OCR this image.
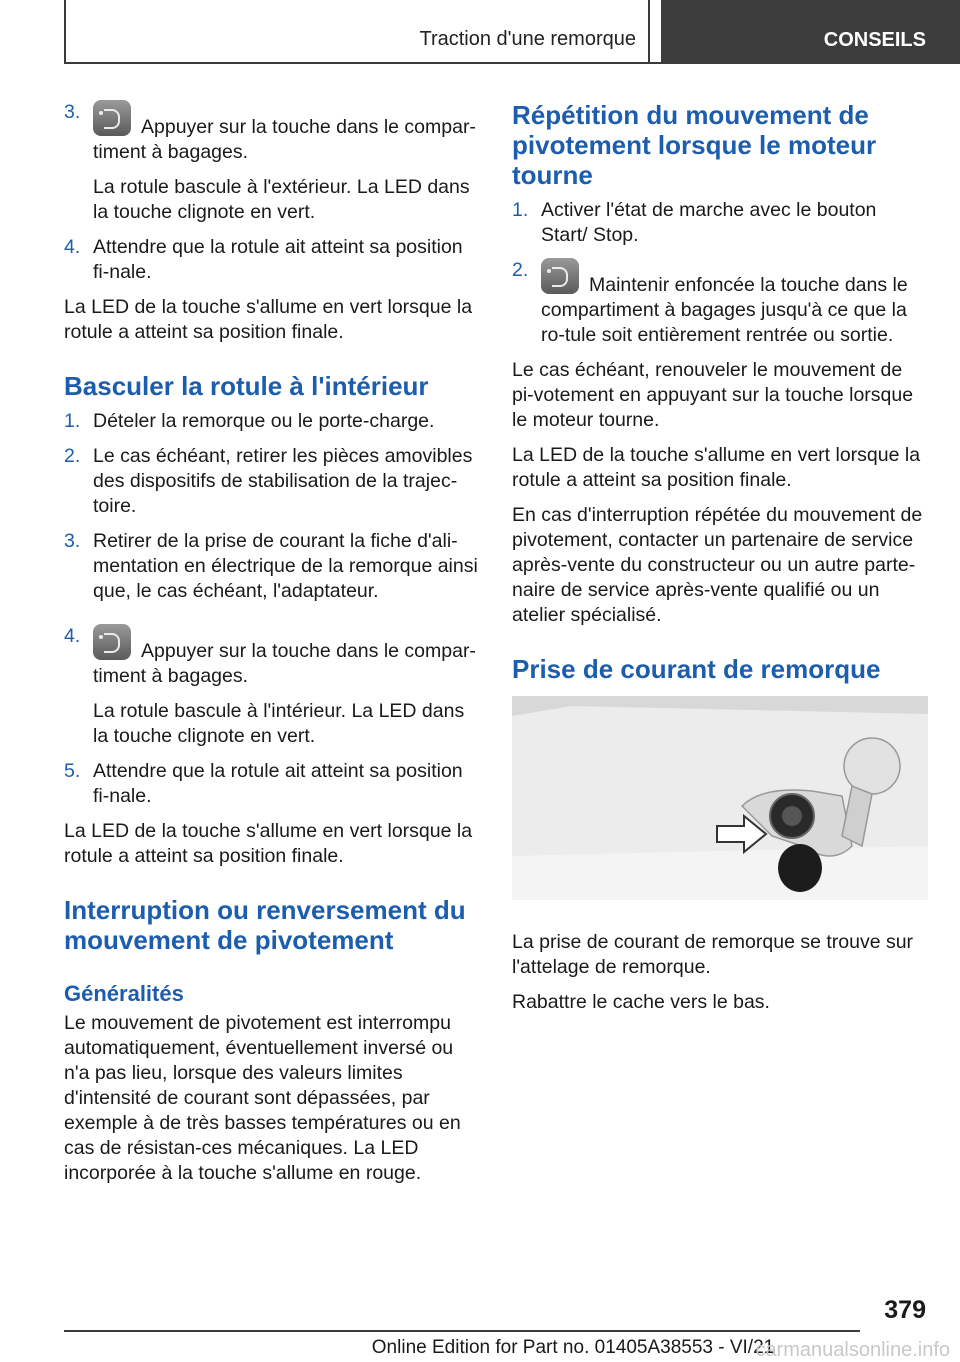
Traction d'une remorque	CONSEILS
3.
Appuyer sur la touche dans le compar-timent à bagages.
La rotule bascule à l'extérieur. La LED dans la touche clignote en vert.
4. Attendre que la rotule ait atteint sa position fi-nale.

La LED de la touche s'allume en vert lorsque la rotule a atteint sa position finale.

Basculer la rotule à l'intérieur
1. Dételer la remorque ou le porte-charge.
2. Le cas échéant, retirer les pièces amovibles des dispositifs de stabilisation de la trajec-toire.
3. Retirer de la prise de courant la fiche d'ali-mentation en électrique de la remorque ainsi que, le cas échéant, l'adaptateur.
4.
Appuyer sur la touche dans le compar-timent à bagages.
La rotule bascule à l'intérieur. La LED dans la touche clignote en vert.
5. Attendre que la rotule ait atteint sa position fi-nale.

La LED de la touche s'allume en vert lorsque la rotule a atteint sa position finale.

Interruption ou renversement du mouvement de pivotement
Généralités

Le mouvement de pivotement est interrompu automatiquement, éventuellement inversé ou n'a pas lieu, lorsque des valeurs limites d'intensité de courant sont dépassées, par exemple à de très basses températures ou en cas de résistan-ces mécaniques. La LED incorporée à la touche s'allume en rouge.

Répétition du mouvement de pivotement lorsque le moteur tourne
1. Activer l'état de marche avec le bouton Start/ Stop.
2.
Maintenir enfoncée la touche dans le compartiment à bagages jusqu'à ce que la ro-tule soit entièrement rentrée ou sortie.

Le cas échéant, renouveler le mouvement de pi-votement en appuyant sur la touche lorsque le moteur tourne.

La LED de la touche s'allume en vert lorsque la rotule a atteint sa position finale.

En cas d'interruption répétée du mouvement de pivotement, contacter un partenaire de service après-vente du constructeur ou un autre parte-naire de service après-vente qualifié ou un atelier spécialisé.

Prise de courant de remorque

La prise de courant de remorque se trouve sur l'attelage de remorque.

Rabattre le cache vers le bas.

379
Online Edition for Part no. 01405A38553 - VI/21
carmanualsonline.info
